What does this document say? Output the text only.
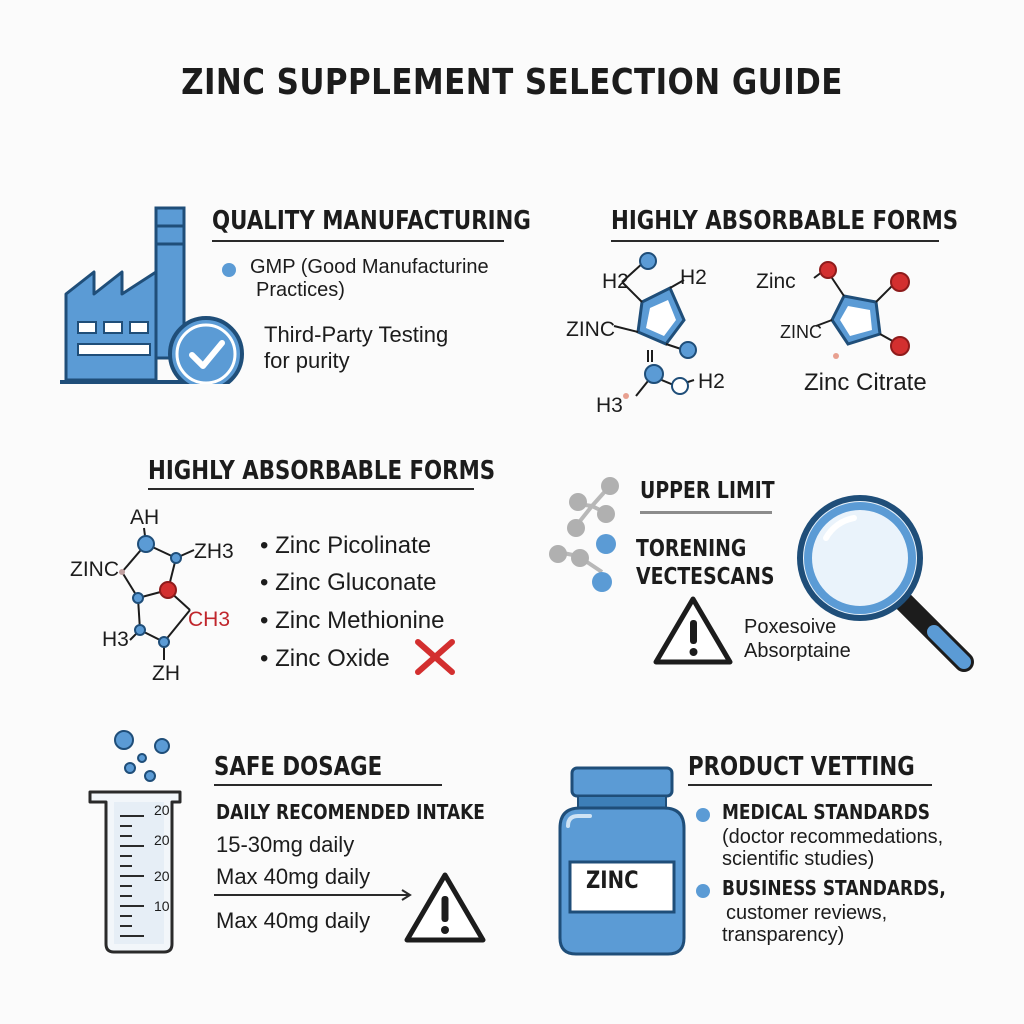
ZINC SUPPLEMENT SELECTION GUIDE
QUALITY MANUFACTURING
GMP (Good Manufacturine
Practices)
Third-Party Testing
for purity
HIGHLY ABSORBABLE FORMS
H2 H2
ZINC
H3
H2
Zinc
ZINC
Zinc Citrate
HIGHLY ABSORBABLE FORMS
AH
ZH3
ZINC
CH3
H3
ZH
• Zinc Picolinate
• Zinc Gluconate
• Zinc Methionine
• Zinc Oxide
UPPER LIMIT
TORENING
VECTESCANS
Poxesoive
Absorptaine
20
20
20
10
SAFE DOSAGE
DAILY RECOMENDED INTAKE
15-30mg daily
Max 40mg daily
Max 40mg daily
ZINC
PRODUCT VETTING
MEDICAL STANDARDS
(doctor recommedations,
scientific studies)
BUSINESS STANDARDS,
customer reviews,
transparency)
